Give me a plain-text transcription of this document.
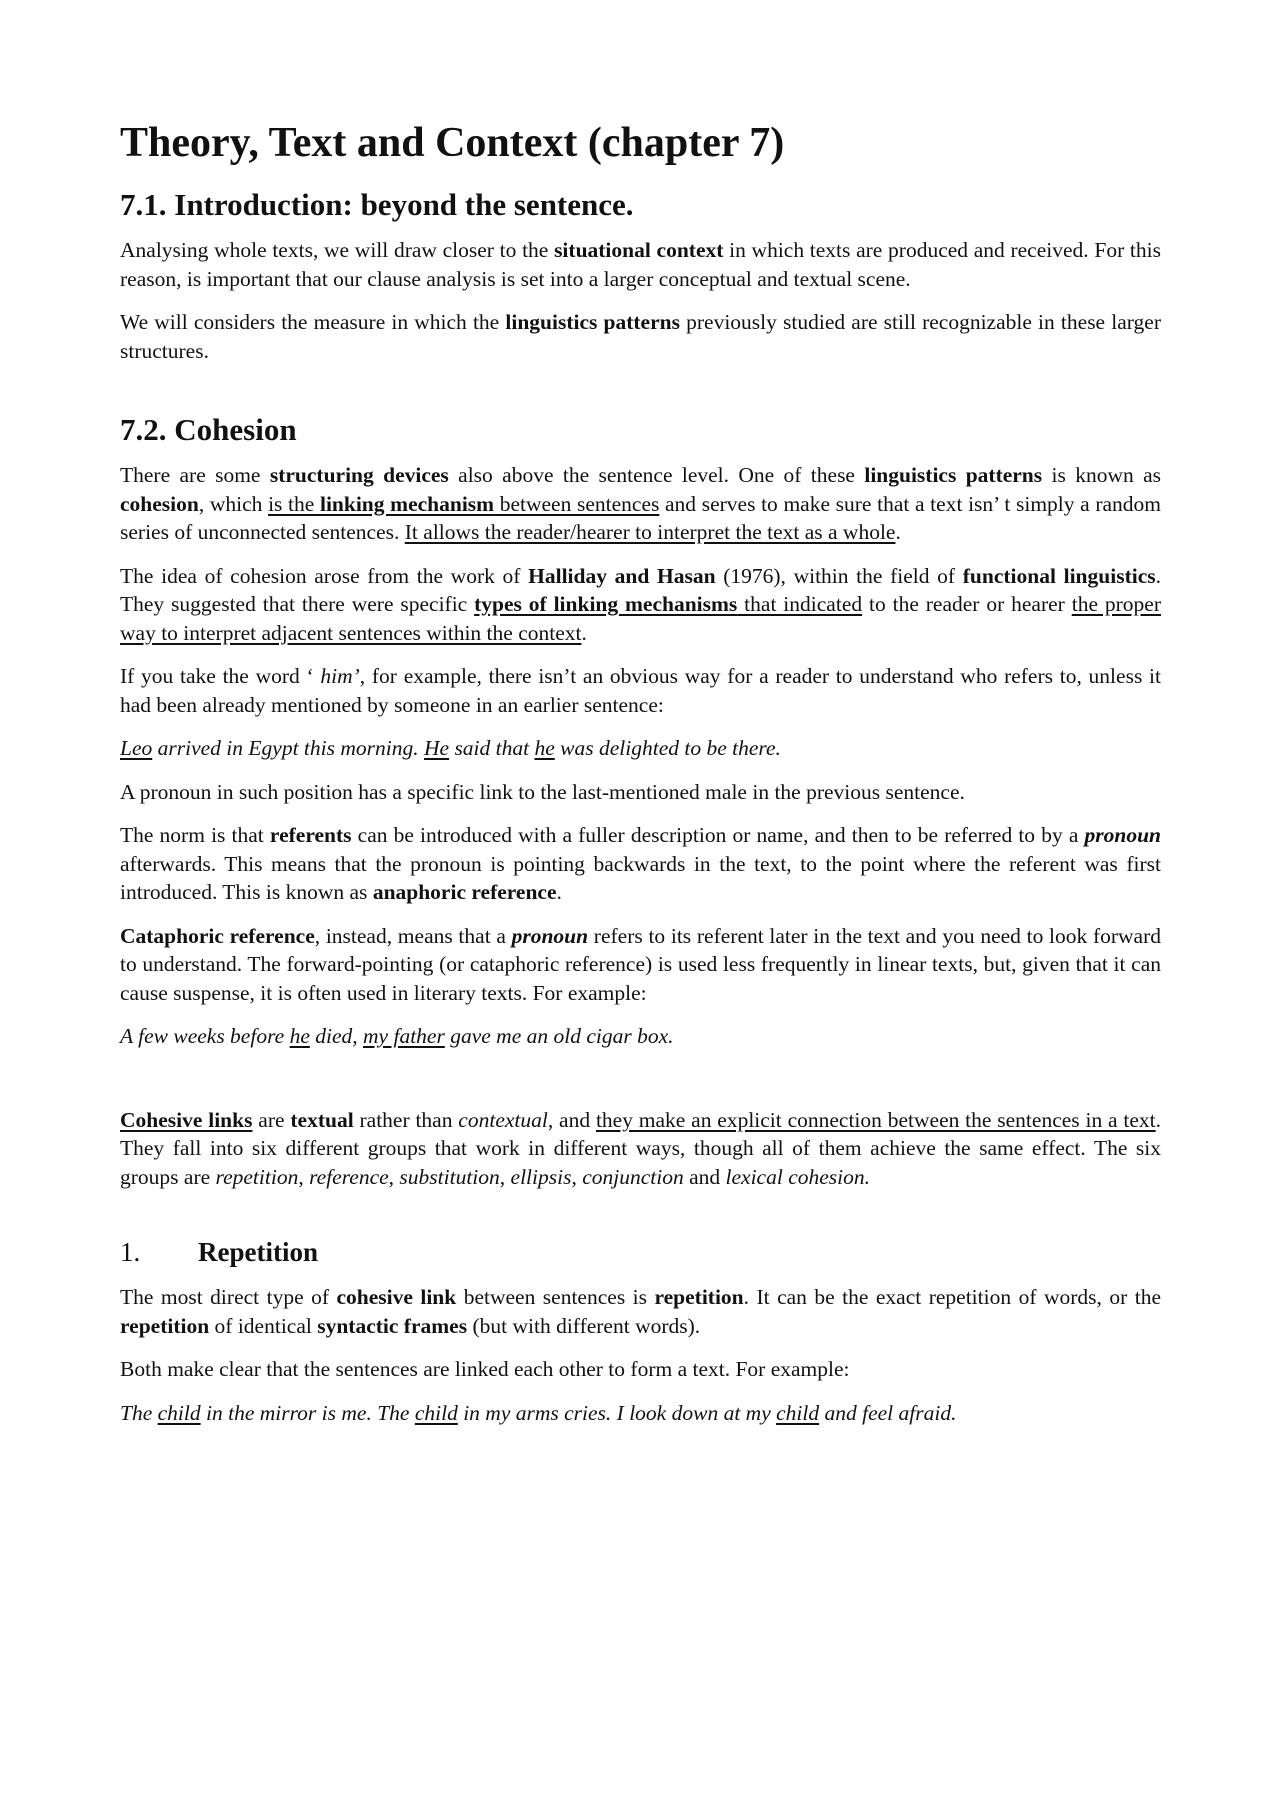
Theory, Text and Context (chapter 7)
7.1. Introduction: beyond the sentence.

Analysing whole texts, we will draw closer to the situational context in which texts are produced and received. For this reason, is important that our clause analysis is set into a larger conceptual and textual scene.

We will considers the measure in which the linguistics patterns previously studied are still recognizable in these larger structures.

7.2. Cohesion

There are some structuring devices also above the sentence level. One of these linguistics patterns is known as cohesion, which is the linking mechanism between sentences and serves to make sure that a text isn’ t simply a random series of unconnected sentences. It allows the reader/hearer to interpret the text as a whole.

The idea of cohesion arose from the work of Halliday and Hasan (1976), within the field of functional linguistics. They suggested that there were specific types of linking mechanisms that indicated to the reader or hearer the proper way to interpret adjacent sentences within the context.

If you take the word ‘ him’, for example, there isn’t an obvious way for a reader to understand who refers to, unless it had been already mentioned by someone in an earlier sentence:

Leo arrived in Egypt this morning. He said that he was delighted to be there.

A pronoun in such position has a specific link to the last-mentioned male in the previous sentence.

The norm is that referents can be introduced with a fuller description or name, and then to be referred to by a pronoun afterwards. This means that the pronoun is pointing backwards in the text, to the point where the referent was first introduced. This is known as anaphoric reference.

Cataphoric reference, instead, means that a pronoun refers to its referent later in the text and you need to look forward to understand. The forward-pointing (or cataphoric reference) is used less frequently in linear texts, but, given that it can cause suspense, it is often used in literary texts. For example:

A few weeks before he died, my father gave me an old cigar box.

Cohesive links are textual rather than contextual, and they make an explicit connection between the sentences in a text. They fall into six different groups that work in different ways, though all of them achieve the same effect. The six groups are repetition, reference, substitution, ellipsis, conjunction and lexical cohesion.

1.	Repetition

The most direct type of cohesive link between sentences is repetition. It can be the exact repetition of words, or the repetition of identical syntactic frames (but with different words).

Both make clear that the sentences are linked each other to form a text. For example:

The child in the mirror is me. The child in my arms cries. I look down at my child and feel afraid.
